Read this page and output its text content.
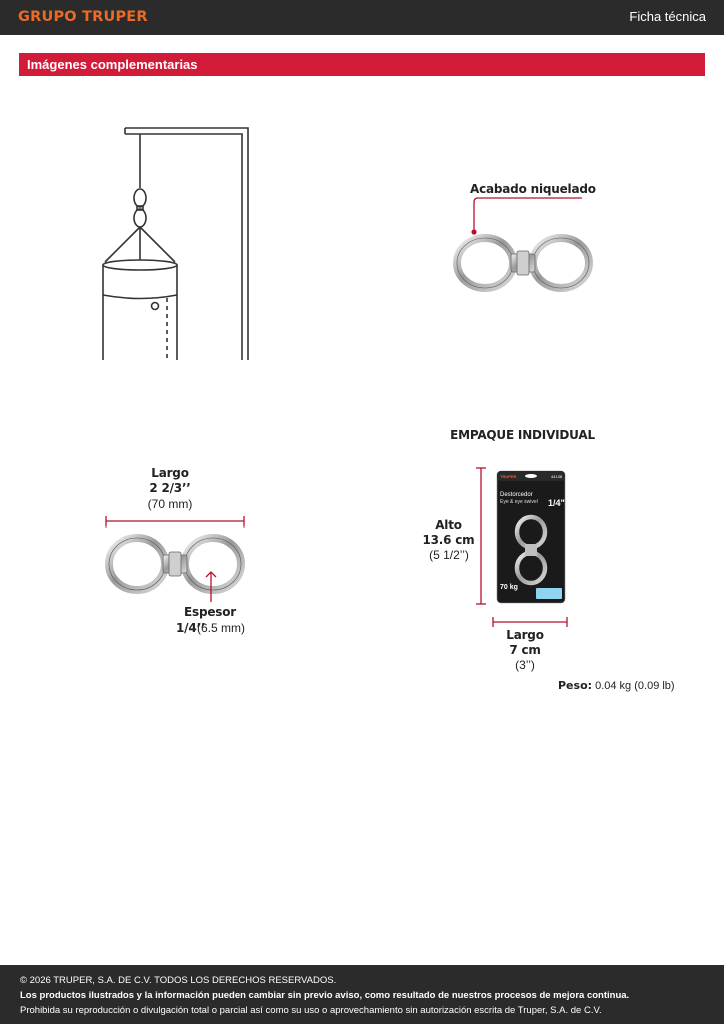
GRUPO TRUPER	Ficha técnica
Imágenes complementarias
Acabado niquelado
Largo
2 2/3’’
(70 mm)
Espesor
1/4’’
(6.5 mm)
EMPAQUE INDIVIDUAL
Alto
13.6 cm
(5 1/2’’)
TRUPER	44138
Destorcedor
Eye & eye swivel 1/4"
70 kg
Largo
7 cm
(3’’)
Peso: 0.04 kg (0.09 lb)
© 2026 TRUPER, S.A. DE C.V. TODOS LOS DERECHOS RESERVADOS.
Los productos ilustrados y la información pueden cambiar sin previo aviso, como resultado de nuestros procesos de mejora continua.
Prohibida su reproducción o divulgación total o parcial así como su uso o aprovechamiento sin autorización escrita de Truper, S.A. de C.V.
